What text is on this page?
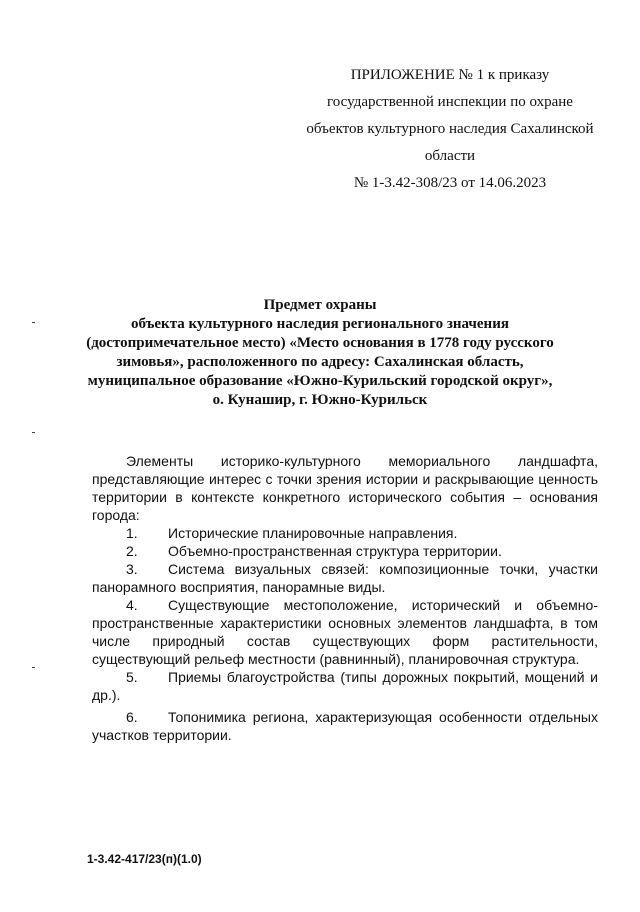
ПРИЛОЖЕНИЕ № 1 к приказу
государственной инспекции по охране
объектов культурного наследия Сахалинской
области
№ 1-3.42-308/23 от 14.06.2023
Предмет охраны
объекта культурного наследия регионального значения
(достопримечательное место) «Место основания в 1778 году русского
зимовья», расположенного по адресу: Сахалинская область,
муниципальное образование «Южно-Курильский городской округ»,
о. Кунашир, г. Южно-Курильск

Элементы историко-культурного мемориального ландшафта, представляющие интерес с точки зрения истории и раскрывающие ценность территории в контексте конкретного исторического события – основания города:

1.	Исторические планировочные направления.
2.	Объемно-пространственная структура территории.
3. Система визуальных связей: композиционные точки, участки панорамного восприятия, панорамные виды.
4. Существующие местоположение, исторический и объемно-пространственные характеристики основных элементов ландшафта, в том числе природный состав существующих форм растительности, существующий рельеф местности (равнинный), планировочная структура.
5. Приемы благоустройства (типы дорожных покрытий, мощений и др.).
6. Топонимика региона, характеризующая особенности отдельных участков территории.
1-3.42-417/23(п)(1.0)
